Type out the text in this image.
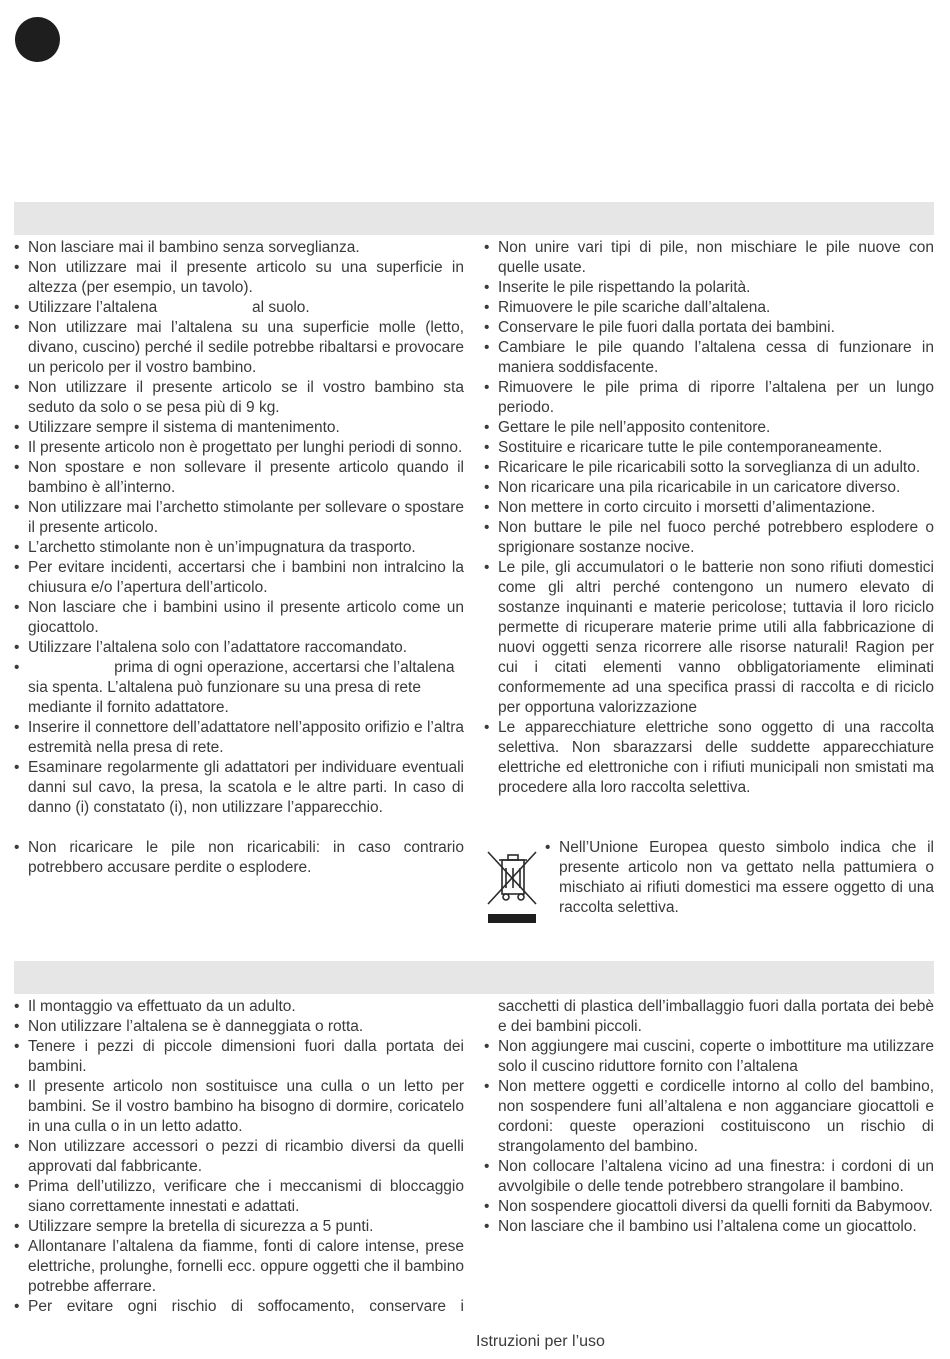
• Non lasciare mai il bambino senza sorveglianza.
• Non utilizzare mai il presente articolo su una superficie in altezza (per esempio, un tavolo).
• Utilizzare l’altalena                      al suolo.
• Non utilizzare mai l’altalena su una superficie molle (letto, divano, cuscino) perché il sedile potrebbe ribaltarsi e provocare un pericolo per il vostro bambino.
• Non utilizzare il presente articolo se il vostro bambino sta seduto da solo o se pesa più di 9 kg.
• Utilizzare sempre il sistema di mantenimento.
• Il presente articolo non è progettato per lunghi periodi di sonno.
• Non spostare e non sollevare il presente articolo quando il bambino è all’interno.
• Non utilizzare mai l’archetto stimolante per sollevare o spostare il presente articolo.
• L’archetto stimolante non è un’impugnatura da trasporto.
• Per evitare incidenti, accertarsi che i bambini non intralcino la chiusura e/o l’apertura dell’articolo.
• Non lasciare che i bambini usino il presente articolo come un giocattolo.
• Utilizzare l’altalena solo con l’adattatore raccomandato.
•                     prima di ogni operazione, accertarsi che l’altalena sia spenta. L’altalena può funzionare su una presa di rete mediante il fornito adattatore.
• Inserire il connettore dell’adattatore nell’apposito orifizio e l’altra estremità nella presa di rete.
• Esaminare regolarmente gli adattatori per individuare eventuali danni sul cavo, la presa, la scatola e le altre parti. In caso di danno (i) constatato (i), non utilizzare l’apparecchio.
• Non ricaricare le pile non ricaricabili: in caso contrario potrebbero accusare perdite o esplodere.
• Non unire vari tipi di pile, non mischiare le pile nuove con quelle usate.
• Inserite le pile rispettando la polarità.
• Rimuovere le pile scariche dall’altalena.
• Conservare le pile fuori dalla portata dei bambini.
• Cambiare le pile quando l’altalena cessa di funzionare in maniera soddisfacente.
• Rimuovere le pile prima di riporre l’altalena per un lungo periodo.
• Gettare le pile nell’apposito contenitore.
• Sostituire e ricaricare tutte le pile contemporaneamente.
• Ricaricare le pile ricaricabili sotto la sorveglianza di un adulto.
• Non ricaricare una pila ricaricabile in un caricatore diverso.
• Non mettere in corto circuito i morsetti d’alimentazione.
• Non buttare le pile nel fuoco perché potrebbero esplodere o sprigionare sostanze nocive.
• Le pile, gli accumulatori o le batterie non sono rifiuti domestici come gli altri perché contengono un numero elevato di sostanze inquinanti e materie pericolose; tuttavia il loro riciclo permette di ricuperare materie prime utili alla fabbricazione di nuovi oggetti senza ricorrere alle risorse naturali! Ragion per cui i citati elementi vanno obbligatoriamente eliminati conformemente ad una specifica prassi di raccolta e di riciclo per opportuna valorizzazione
• Le apparecchiature elettriche sono oggetto di una raccolta selettiva. Non sbarazzarsi delle suddette apparecchiature elettriche ed elettroniche con i rifiuti municipali non smistati ma procedere alla loro raccolta selettiva.
• Nell’Unione Europea questo simbolo indica che il presente articolo non va gettato nella pattumiera o mischiato ai rifiuti domestici ma essere oggetto di una raccolta selettiva.
• Il montaggio va effettuato da un adulto.
• Non utilizzare l’altalena se è danneggiata o rotta.
• Tenere i pezzi di piccole dimensioni fuori dalla portata dei bambini.
• Il presente articolo non sostituisce una culla o un letto per bambini. Se il vostro bambino ha bisogno di dormire, coricatelo in una culla o in un letto adatto.
• Non utilizzare accessori o pezzi di ricambio diversi da quelli approvati dal fabbricante.
• Prima dell’utilizzo, verificare che i meccanismi di bloccaggio siano correttamente innestati e adattati.
• Utilizzare sempre la bretella di sicurezza a 5 punti.
• Allontanare l’altalena da fiamme, fonti di calore intense, prese elettriche, prolunghe, fornelli ecc. oppure oggetti che il bambino potrebbe afferrare.
• Per evitare ogni rischio di soffocamento, conservare i
sacchetti di plastica dell’imballaggio fuori dalla portata dei bebè e dei bambini piccoli.
• Non aggiungere mai cuscini, coperte o imbottiture ma utilizzare solo il cuscino riduttore fornito con l’altalena
• Non mettere oggetti e cordicelle intorno al collo del bambino, non sospendere funi all’altalena e non agganciare giocattoli e cordoni: queste operazioni costituiscono un rischio di strangolamento del bambino.
• Non collocare l’altalena vicino ad una finestra: i cordoni di un avvolgibile o delle tende potrebbero strangolare il bambino.
• Non sospendere giocattoli diversi da quelli forniti da Babymoov.
• Non lasciare che il bambino usi l’altalena come un giocattolo.
Istruzioni per l’uso
